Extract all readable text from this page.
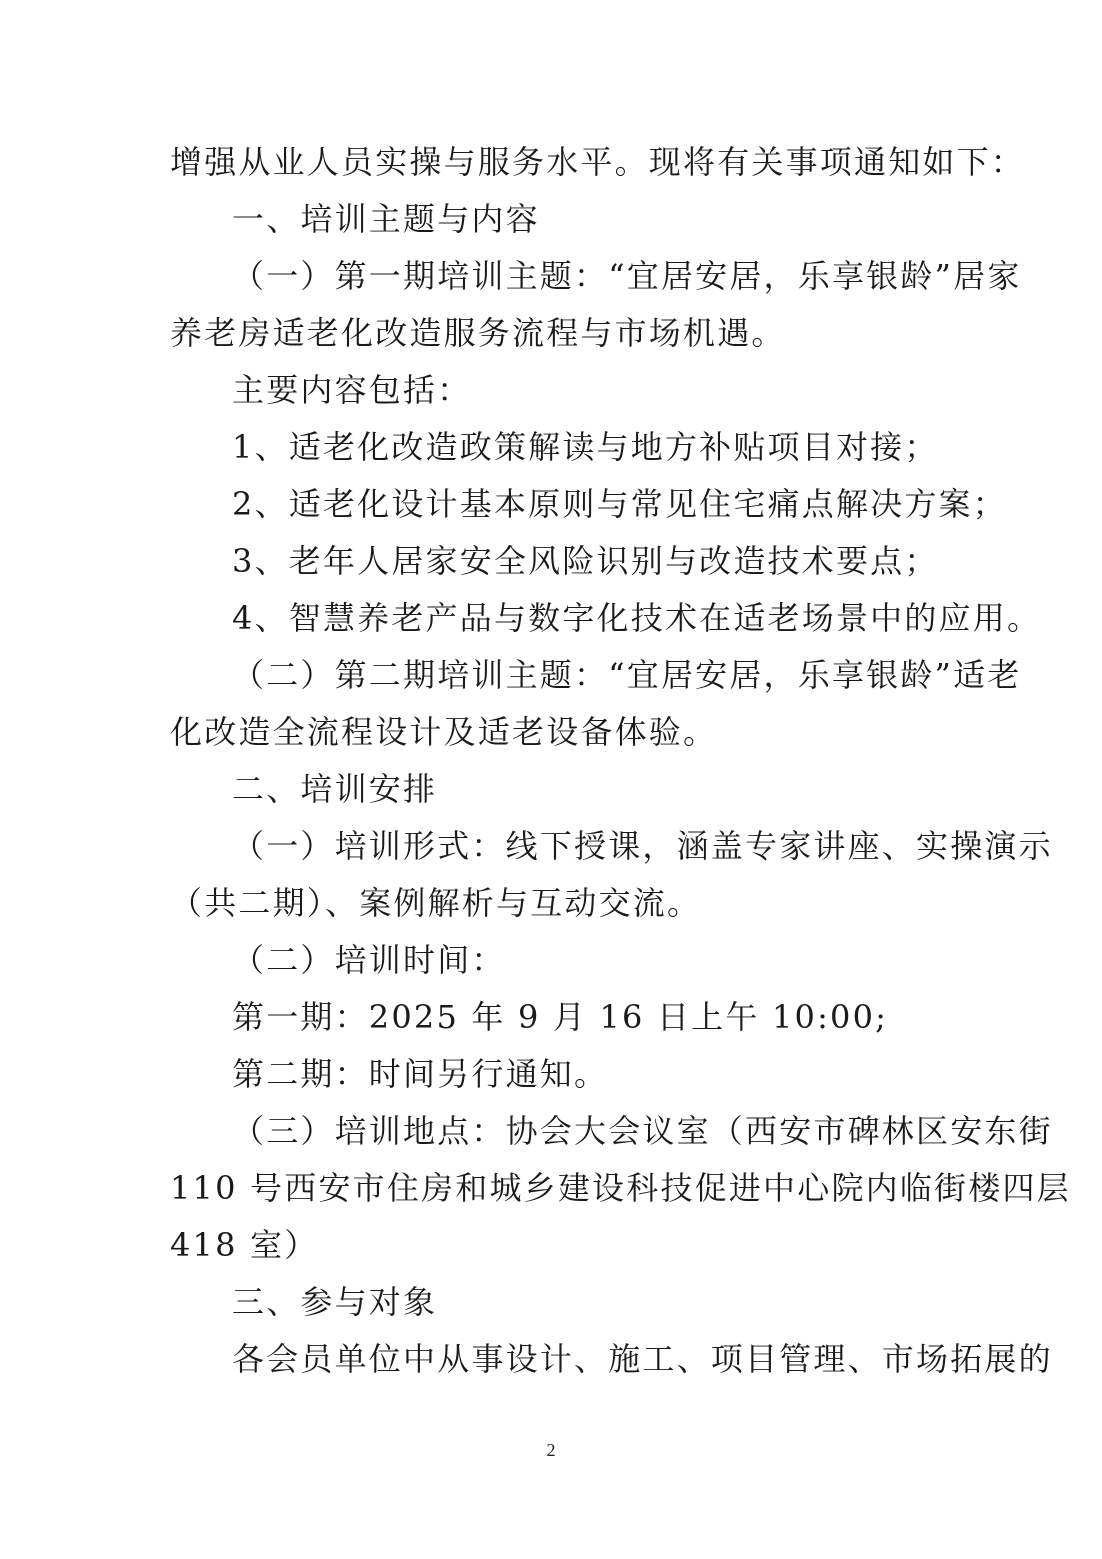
增强从业人员实操与服务水平。现将有关事项通知如下：
一、培训主题与内容
（一）第一期培训主题：“宜居安居，乐享银龄”居家
养老房适老化改造服务流程与市场机遇。
主要内容包括：
1、适老化改造政策解读与地方补贴项目对接；
2、适老化设计基本原则与常见住宅痛点解决方案；
3、老年人居家安全风险识别与改造技术要点；
4、智慧养老产品与数字化技术在适老场景中的应用。
（二）第二期培训主题：“宜居安居，乐享银龄”适老
化改造全流程设计及适老设备体验。
二、培训安排
（一）培训形式：线下授课，涵盖专家讲座、实操演示
（共二期）、案例解析与互动交流。
（二）培训时间：
第一期：2025 年 9 月 16 日上午 10:00;
第二期：时间另行通知。
（三）培训地点：协会大会议室（西安市碑林区安东街
110 号西安市住房和城乡建设科技促进中心院内临街楼四层
418 室）
三、参与对象
各会员单位中从事设计、施工、项目管理、市场拓展的
2
